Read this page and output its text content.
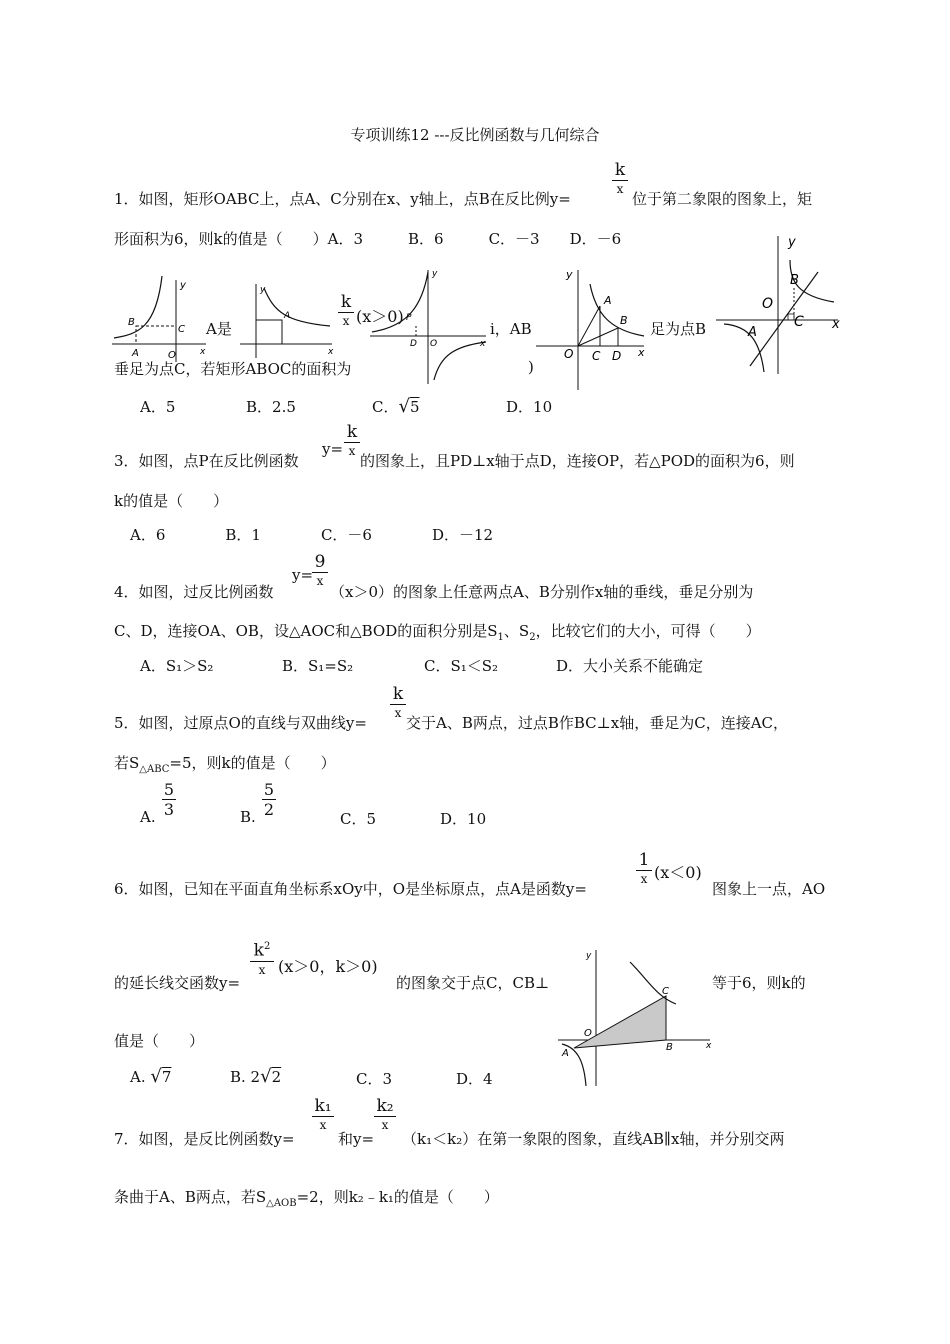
专项训练12 ---反比例函数与几何综合
1．如图，矩形OABC上，点A、C分别在x、y轴上，点B在反比例y=
k
x
位于第二象限的图象上，矩
形面积为6，则k的值是（　　）A．3　　　B．6　　　C．－3　　D．－6
A是
k
x (x＞0)
i，AB	足为点B
垂足为点C，若矩形ABOC的面积为	)
y
B
C
A	O	x
y
A
x
y
P
D O	x
y
A
B
O C D x
y
B
O
C
A
x
A．5	B．2.5	C．√5	D．10
3．如图，点P在反比例函数
y=
k
x
的图象上，且PD⊥x轴于点D，连接OP，若△POD的面积为6，则
k的值是（　　）
A．6　　　　B．1　　　　C．－6　　　　D．－12
4．如图，过反比例函数
y=
9
x
（x＞0）的图象上任意两点A、B分别作x轴的垂线，垂足分别为
C、D，连接OA、OB，设△AOC和△BOD的面积分别是$S_1$、$S_2$，比较它们的大小，可得（　　）
A．S₁＞S₂	B．S₁=S₂	C．S₁＜S₂	D．大小关系不能确定
5．如图，过原点O的直线与双曲线y=
k
x
交于A、B两点，过点B作BC⊥x轴，垂足为C，连接AC，
若$S_{\triangle ABC}=5$，则k的值是（　　）
A. $\frac{5}{3}$	B. $\frac{5}{2}$
C．5	D．10
6．如图，已知在平面直角坐标系xOy中，O是坐标原点，点A是函数y=
1
x (x＜0)
图象上一点，AO
的延长线交函数y=
$k^2$
x (x＞0，k＞0)
的图象交于点C，CB⊥	等于6，则k的
y
C
O
A
B	x
值是（　　）
A. √7	B. 2√2	C．3	D．4
7．如图，是反比例函数y=
k₁
x
和y=
k₂
x
（k₁＜k₂）在第一象限的图象，直线AB∥x轴，并分别交两
条曲于A、B两点，若$S_{\triangle AOB}=2$，则k₂﹣k₁的值是（　　）
